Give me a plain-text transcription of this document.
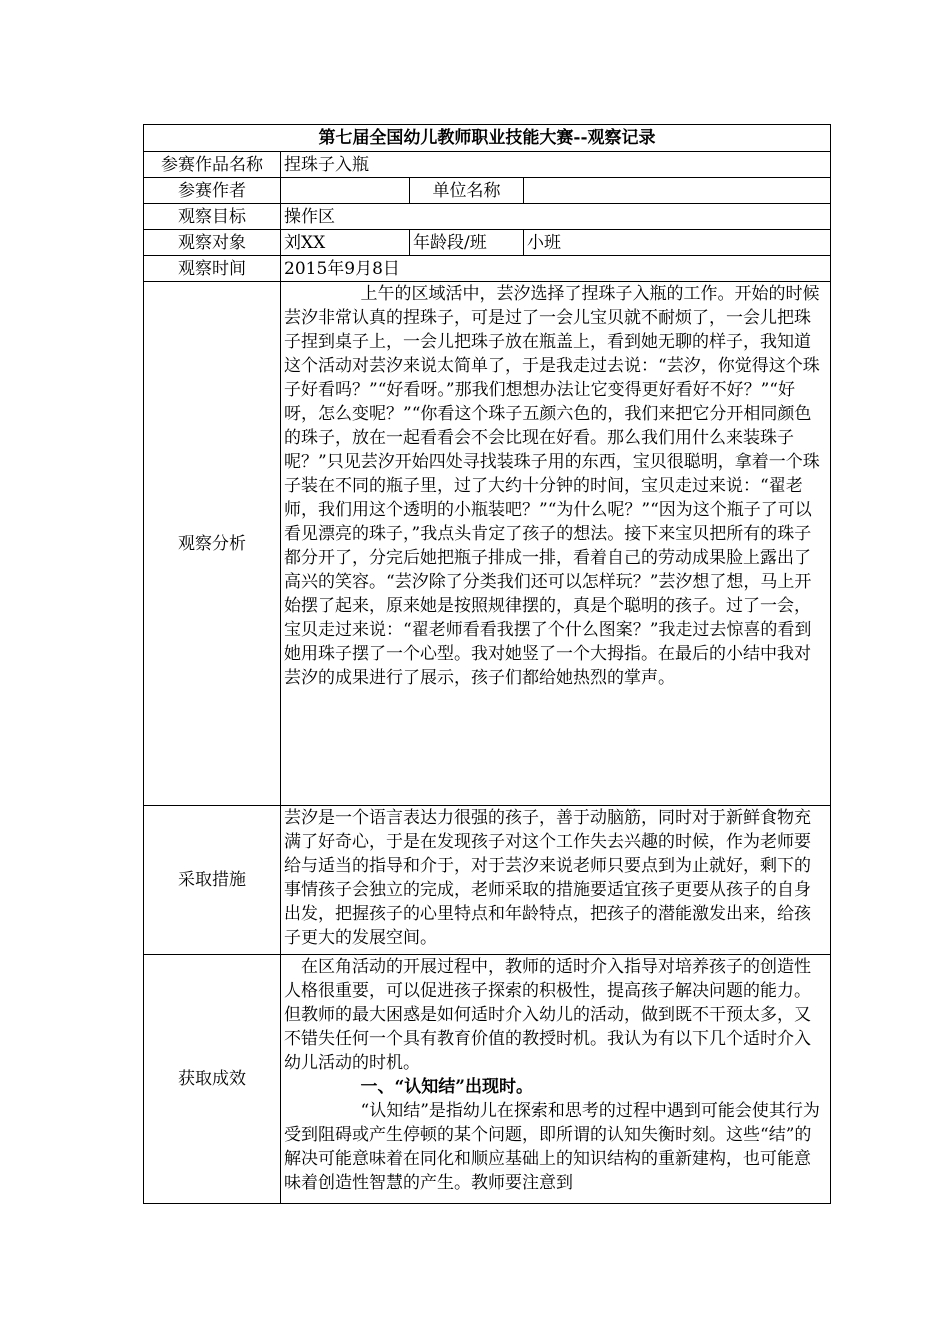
第七届全国幼儿教师职业技能大赛--观察记录			
参赛作品名称	捏珠子入瓶		
参赛作者		单位名称	
观察目标	操作区		
观察对象	刘XX	年龄段/班	小班
观察时间	2015年9月8日		
观察分析	上午的区域活中，芸汐选择了捏珠子入瓶的工作。开始的时候芸汐非常认真的捏珠子，可是过了一会儿宝贝就不耐烦了，一会儿把珠子捏到桌子上，一会儿把珠子放在瓶盖上，看到她无聊的样子，我知道这个活动对芸汐来说太简单了，于是我走过去说：“芸汐，你觉得这个珠子好看吗？”“好看呀。”那我们想想办法让它变得更好看好不好？”“好呀，怎么变呢？”“你看这个珠子五颜六色的，我们来把它分开相同颜色的珠子，放在一起看看会不会比现在好看。那么我们用什么来装珠子呢？”只见芸汐开始四处寻找装珠子用的东西，宝贝很聪明，拿着一个珠子装在不同的瓶子里，过了大约十分钟的时间，宝贝走过来说：“翟老师，我们用这个透明的小瓶装吧？”“为什么呢？”“因为这个瓶子了可以看见漂亮的珠子，”我点头肯定了孩子的想法。接下来宝贝把所有的珠子都分开了，分完后她把瓶子排成一排，看着自己的劳动成果脸上露出了高兴的笑容。“芸汐除了分类我们还可以怎样玩？”芸汐想了想，马上开始摆了起来，原来她是按照规律摆的，真是个聪明的孩子。过了一会，宝贝走过来说：“翟老师看看我摆了个什么图案？”我走过去惊喜的看到她用珠子摆了一个心型。我对她竖了一个大拇指。在最后的小结中我对芸汐的成果进行了展示，孩子们都给她热烈的掌声。		

采取措施	芸汐是一个语言表达力很强的孩子，善于动脑筋，同时对于新鲜食物充满了好奇心，于是在发现孩子对这个工作失去兴趣的时候，作为老师要给与适当的指导和介于，对于芸汐来说老师只要点到为止就好，剩下的事情孩子会独立的完成，老师采取的措施要适宜孩子更要从孩子的自身出发，把握孩子的心里特点和年龄特点，把孩子的潜能激发出来，给孩子更大的发展空间。		

获取成效	在区角活动的开展过程中，教师的适时介入指导对培养孩子的创造性人格很重要，可以促进孩子探索的积极性，提高孩子解决问题的能力。但教师的最大困惑是如何适时介入幼儿的活动，做到既不干预太多，又不错失任何一个具有教育价值的教授时机。我认为有以下几个适时介入幼儿活动的时机。

一、“认知结”出现时。

“认知结”是指幼儿在探索和思考的过程中遇到可能会使其行为受到阻碍或产生停顿的某个问题，即所谓的认知失衡时刻。这些“结”的解决可能意味着在同化和顺应基础上的知识结构的重新建构，也可能意味着创造性智慧的产生。教师要注意到		
